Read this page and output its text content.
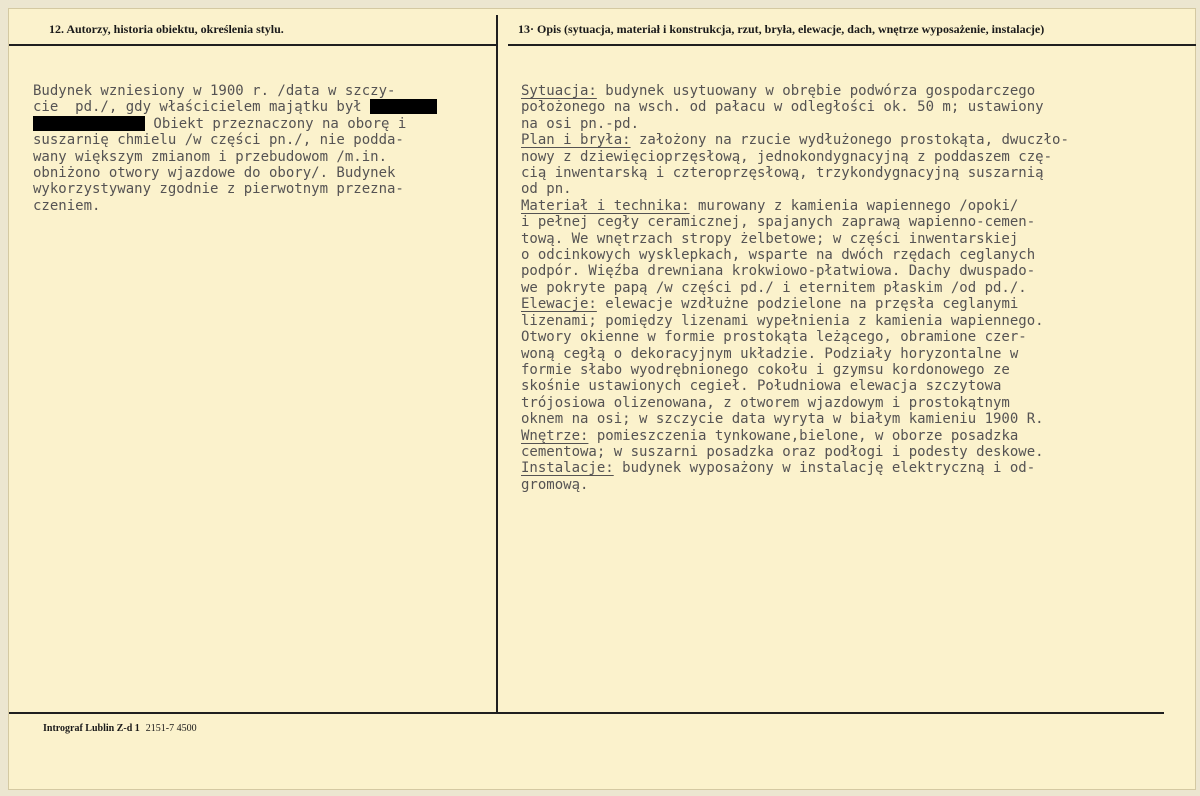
12. Autorzy, historia obiektu, określenia stylu.	13· Opis (sytuacja, materiał i konstrukcja, rzut, bryła, elewacje, dach, wnętrze wyposażenie, instalacje)
Budynek wzniesiony w 1900 r. /data w szczy-
cie  pd./, gdy właścicielem majątku był
Obiekt przeznaczony na oborę i
suszarnię chmielu /w części pn./, nie podda-
wany większym zmianom i przebudowom /m.in.
obniżono otwory wjazdowe do obory/. Budynek
wykorzystywany zgodnie z pierwotnym przezna-
czeniem.
Sytuacja: budynek usytuowany w obrębie podwórza gospodarczego
położonego na wsch. od pałacu w odległości ok. 50 m; ustawiony
na osi pn.-pd.
Plan i bryła: założony na rzucie wydłużonego prostokąta, dwuczło-
nowy z dziewięcioprzęsłową, jednokondygnacyjną z poddaszem czę-
cią inwentarską i czteroprzęsłową, trzykondygnacyjną suszarnią
od pn.
Materiał i technika: murowany z kamienia wapiennego /opoki/
i pełnej cegły ceramicznej, spajanych zaprawą wapienno-cemen-
tową. We wnętrzach stropy żelbetowe; w części inwentarskiej
o odcinkowych wysklepkach, wsparte na dwóch rzędach ceglanych
podpór. Więźba drewniana krokwiowo-płatwiowa. Dachy dwuspado-
we pokryte papą /w części pd./ i eternitem płaskim /od pd./.
Elewacje: elewacje wzdłużne podzielone na przęsła ceglanymi
lizenami; pomiędzy lizenami wypełnienia z kamienia wapiennego.
Otwory okienne w formie prostokąta leżącego, obramione czer-
woną cegłą o dekoracyjnym układzie. Podziały horyzontalne w
formie słabo wyodrębnionego cokołu i gzymsu kordonowego ze
skośnie ustawionych cegieł. Południowa elewacja szczytowa
trójosiowa olizenowana, z otworem wjazdowym i prostokątnym
oknem na osi; w szczycie data wyryta w białym kamieniu 1900 R.
Wnętrze: pomieszczenia tynkowane,bielone, w oborze posadzka
cementowa; w suszarni posadzka oraz podłogi i podesty deskowe.
Instalacje: budynek wyposażony w instalację elektryczną i od-
gromową.
Intrograf Lublin Z-d 1 2151-7 4500
